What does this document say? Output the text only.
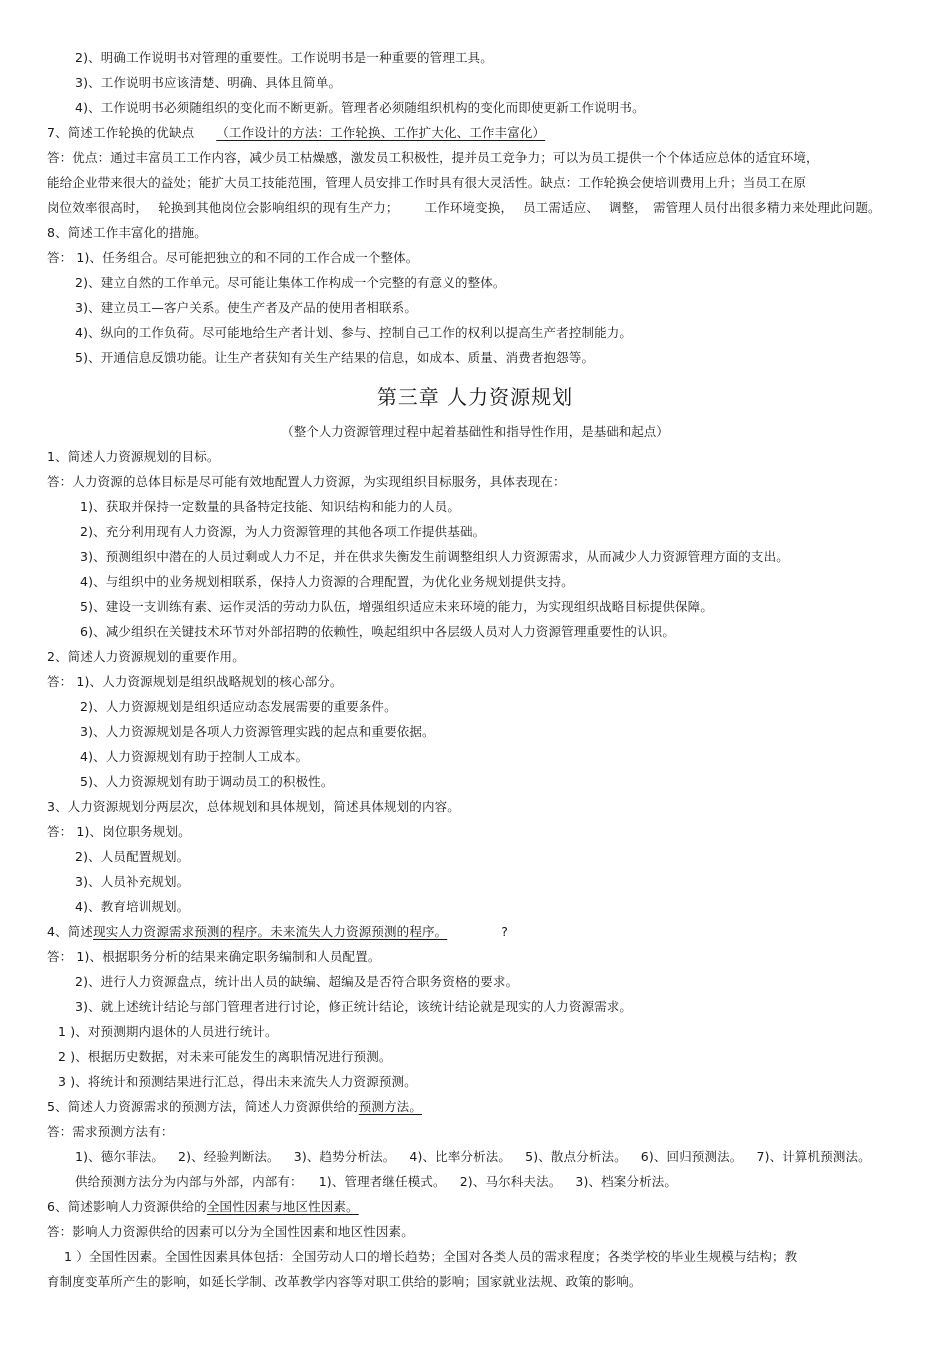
2)、明确工作说明书对管理的重要性。工作说明书是一种重要的管理工具。
3)、工作说明书应该清楚、明确、具体且简单。
4)、工作说明书必须随组织的变化而不断更新。管理者必须随组织机构的变化而即使更新工作说明书。
7、简述工作轮换的优缺点 （工作设计的方法：工作轮换、工作扩大化、工作丰富化）
答：优点：通过丰富员工工作内容，减少员工枯燥感，激发员工积极性，提并员工竞争力；可以为员工提供一个个体适应总体的适宜环境，
能给企业带来很大的益处；能扩大员工技能范围，管理人员安排工作时具有很大灵活性。缺点：工作轮换会使培训费用上升；当员工在原
岗位效率很高时， 轮换到其他岗位会影响组织的现有生产力； 工作环境变换， 员工需适应、 调整， 需管理人员付出很多精力来处理此问题。
8、简述工作丰富化的措施。
答： 1)、任务组合。尽可能把独立的和不同的工作合成一个整体。
2)、建立自然的工作单元。尽可能让集体工作构成一个完整的有意义的整体。
3)、建立员工—客户关系。使生产者及产品的使用者相联系。
4)、纵向的工作负荷。尽可能地给生产者计划、参与、控制自己工作的权利以提高生产者控制能力。
5)、开通信息反馈功能。让生产者获知有关生产结果的信息，如成本、质量、消费者抱怨等。
第三章 人力资源规划
（整个人力资源管理过程中起着基础性和指导性作用，是基础和起点）
1、简述人力资源规划的目标。
答：人力资源的总体目标是尽可能有效地配置人力资源，为实现组织目标服务，具体表现在：
1)、获取并保持一定数量的具备特定技能、知识结构和能力的人员。
2)、充分利用现有人力资源，为人力资源管理的其他各项工作提供基础。
3)、预测组织中潜在的人员过剩或人力不足，并在供求失衡发生前调整组织人力资源需求，从而减少人力资源管理方面的支出。
4)、与组织中的业务规划相联系，保持人力资源的合理配置，为优化业务规划提供支持。
5)、建设一支训练有素、运作灵活的劳动力队伍，增强组织适应未来环境的能力，为实现组织战略目标提供保障。
6)、减少组织在关键技术环节对外部招聘的依赖性，唤起组织中各层级人员对人力资源管理重要性的认识。
2、简述人力资源规划的重要作用。
答： 1)、人力资源规划是组织战略规划的核心部分。
2)、人力资源规划是组织适应动态发展需要的重要条件。
3)、人力资源规划是各项人力资源管理实践的起点和重要依据。
4)、人力资源规划有助于控制人工成本。
5)、人力资源规划有助于调动员工的积极性。
3、人力资源规划分两层次，总体规划和具体规划，简述具体规划的内容。
答： 1)、岗位职务规划。
2)、人员配置规划。
3)、人员补充规划。
4)、教育培训规划。
4、简述现实人力资源需求预测的程序。未来流失人力资源预测的程序。	?
答： 1)、根据职务分析的结果来确定职务编制和人员配置。
2)、进行人力资源盘点，统计出人员的缺编、超编及是否符合职务资格的要求。
3)、就上述统计结论与部门管理者进行讨论，修正统计结论，该统计结论就是现实的人力资源需求。
1 )、对预测期内退休的人员进行统计。
2 )、根据历史数据，对未来可能发生的离职情况进行预测。
3 )、将统计和预测结果进行汇总，得出未来流失人力资源预测。
5、简述人力资源需求的预测方法，简述人力资源供给的预测方法。
答：需求预测方法有：
1)、德尔菲法。 2)、经验判断法。 3)、趋势分析法。 4)、比率分析法。 5)、散点分析法。 6)、回归预测法。 7)、计算机预测法。
供给预测方法分为内部与外部，内部有： 1)、管理者继任模式。 2)、马尔科夫法。 3)、档案分析法。
6、简述影响人力资源供给的全国性因素与地区性因素。
答：影响人力资源供给的因素可以分为全国性因素和地区性因素。
1 ）全国性因素。全国性因素具体包括：全国劳动人口的增长趋势；全国对各类人员的需求程度；各类学校的毕业生规模与结构；教
育制度变革所产生的影响，如延长学制、改革教学内容等对职工供给的影响；国家就业法规、政策的影响。
